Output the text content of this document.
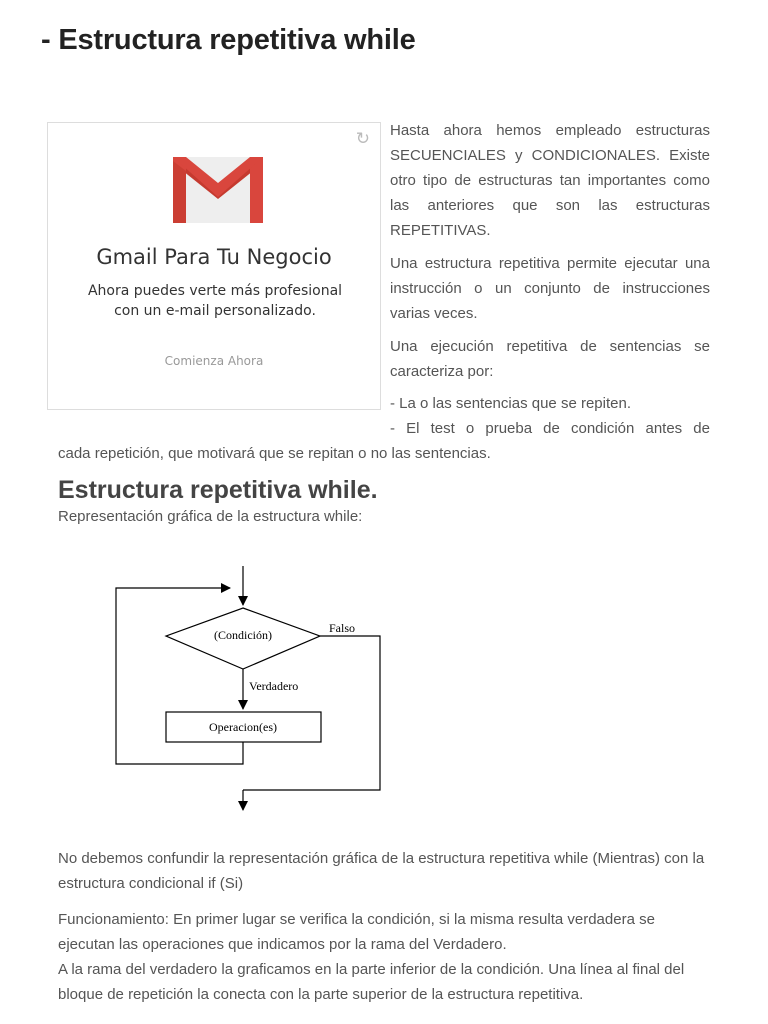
- Estructura repetitiva while
↻
Gmail Para Tu Negocio
Ahora puedes verte más profesional
con un e-mail personalizado.
Comienza Ahora

Hasta ahora hemos empleado estructuras SECUENCIALES y CONDICIONALES. Existe otro tipo de estructuras tan importantes como las anteriores que son las estructuras REPETITIVAS.

Una estructura repetitiva permite ejecutar una instrucción o un conjunto de instrucciones varias veces.

Una ejecución repetitiva de sentencias se caracteriza por:

- La o las sentencias que se repiten.
- El test o prueba de condición antes de
cada repetición, que motivará que se repitan o no las sentencias.
Estructura repetitiva while.
Representación gráfica de la estructura while:
(Condición)	Falso
Verdadero
Operacion(es)

No debemos confundir la representación gráfica de la estructura repetitiva while (Mientras) con la estructura condicional if (Si)

Funcionamiento: En primer lugar se verifica la condición, si la misma resulta verdadera se ejecutan las operaciones que indicamos por la rama del Verdadero.

A la rama del verdadero la graficamos en la parte inferior de la condición. Una línea al final del bloque de repetición la conecta con la parte superior de la estructura repetitiva.
